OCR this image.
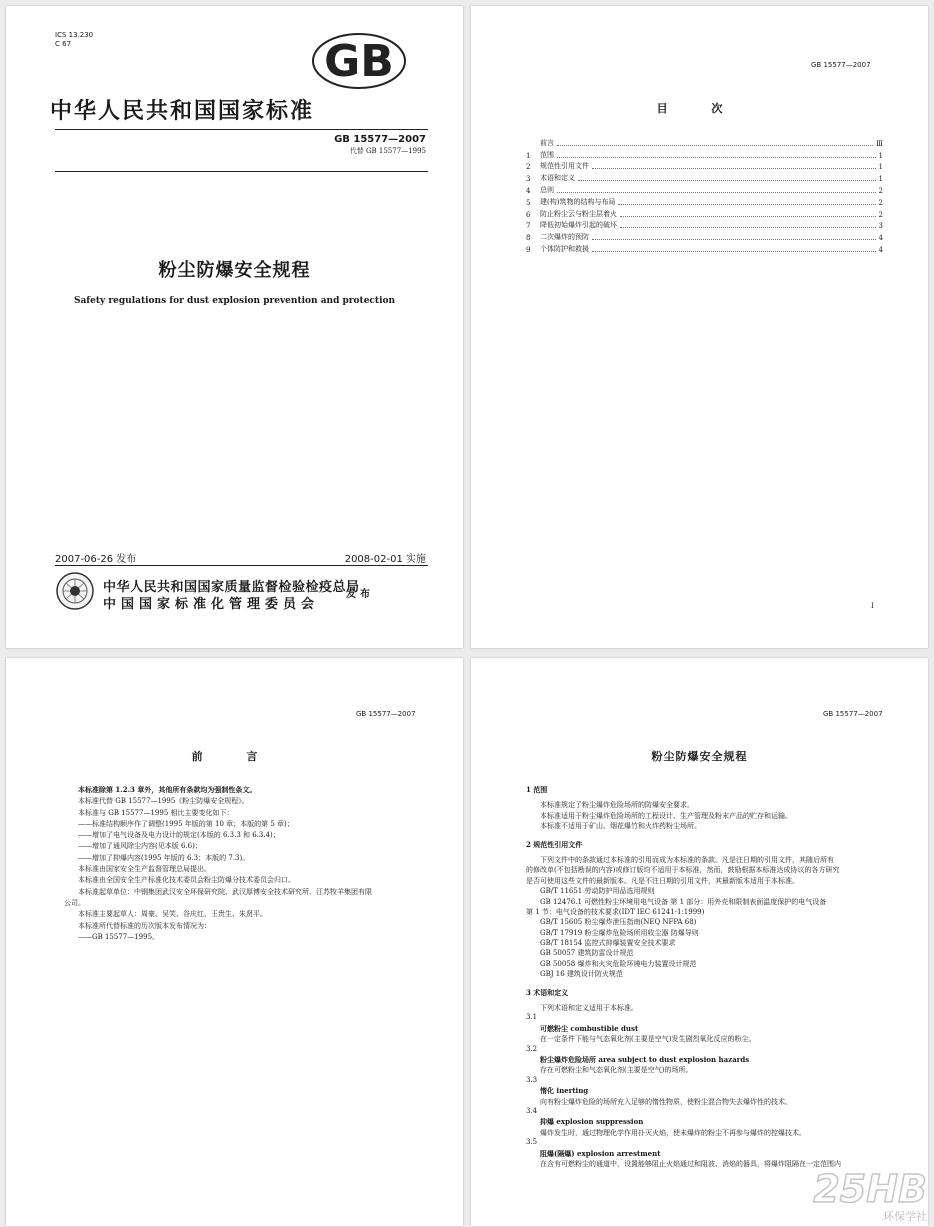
ICS 13.230
C 67	GB
中华人民共和国国家标准
GB 15577—2007
代替 GB 15577—1995
粉尘防爆安全规程
Safety regulations for dust explosion prevention and protection
2007-06-26 发布	2008-02-01 实施
中华人民共和国国家质量监督检验检疫总局
中国国家标准化管理委员会
发布
GB 15577—2007
目 次
前言	Ⅲ
1	范围	1
2	规范性引用文件	1
3	术语和定义	1
4	总则	2
5	建(构)筑物的结构与布局	2
6	防止粉尘云与粉尘层着火	2
7	降低初始爆炸引起的破坏	3
8	二次爆炸的预防	4
9	个体防护和救援	4
I
GB 15577—2007
前 言
本标准除第 1.2.3 章外，其他所有条款均为强制性条文。
本标准代替 GB 15577—1995《粉尘防爆安全规程》。
本标准与 GB 15577—1995 相比主要变化如下：
——标准结构顺序作了调整(1995 年版的第 10 章；本版的第 5 章)；
——增加了电气设备及电力设计的规定(本版的 6.3.3 和 6.3.4)；
——增加了通风除尘内容(见本版 6.6)；
——增加了抑爆内容(1995 年版的 6.3；本版的 7.3)。
本标准由国家安全生产监督管理总局提出。
本标准由全国安全生产标准化技术委员会粉尘防爆分技术委员会归口。
本标准起草单位：中钢集团武汉安全环保研究院、武汉厚博安全技术研究所、江苏牧羊集团有限
公司。
本标准主要起草人：周豪、吴笑、谷庆红、王贵生、朱贤平。
本标准所代替标准的历次版本发布情况为：
——GB 15577—1995。
GB 15577—2007
粉尘防爆安全规程
1 范围
本标准规定了粉尘爆炸危险场所的防爆安全要求。
本标准适用于粉尘爆炸危险场所的工程设计、生产管理及粉末产品的贮存和运输。
本标准不适用于矿山、烟花爆竹和火炸药粉尘场所。
2 规范性引用文件
下列文件中的条款通过本标准的引用而成为本标准的条款。凡是注日期的引用文件，其随后所有
的修改单(不包括勘误的内容)或修订版均不适用于本标准，然而，鼓励根据本标准达成协议的各方研究
是否可使用这些文件的最新版本。凡是不注日期的引用文件，其最新版本适用于本标准。
GB/T 11651 劳动防护用品选用规则
GB 12476.1 可燃性粉尘环境用电气设备 第 1 部分：用外壳和限制表面温度保护的电气设备
第 1 节：电气设备的技术要求(IDT IEC 61241-1:1999)
GB/T 15605 粉尘爆炸泄压指南(NEQ NFPA 68)
GB/T 17919 粉尘爆炸危险场所用收尘器 防爆导则
GB/T 18154 监控式抑爆装置安全技术要求
GB 50057 建筑防雷设计规范
GB 50058 爆炸和火灾危险环境电力装置设计规范
GBJ 16 建筑设计防火规范
3 术语和定义
下列术语和定义适用于本标准。
3.1
可燃粉尘 combustible dust
在一定条件下能与气态氧化剂(主要是空气)发生剧烈氧化反应的粉尘。
3.2
粉尘爆炸危险场所 area subject to dust explosion hazards
存在可燃粉尘和气态氧化剂(主要是空气)的场所。
3.3
惰化 inerting
向有粉尘爆炸危险的场所充入足够的惰性物质，使粉尘混合物失去爆炸性的技术。
3.4
抑爆 explosion suppression
爆炸发生时，通过物理化学作用扑灭火焰，使未爆炸的粉尘不再参与爆炸的控爆技术。
3.5
阻爆(隔爆) explosion arrestment
在含有可燃粉尘的通道中，设置能够阻止火焰通过和阻波、消焰的器具，将爆炸阻隔在一定范围内
25HB
环保学社
